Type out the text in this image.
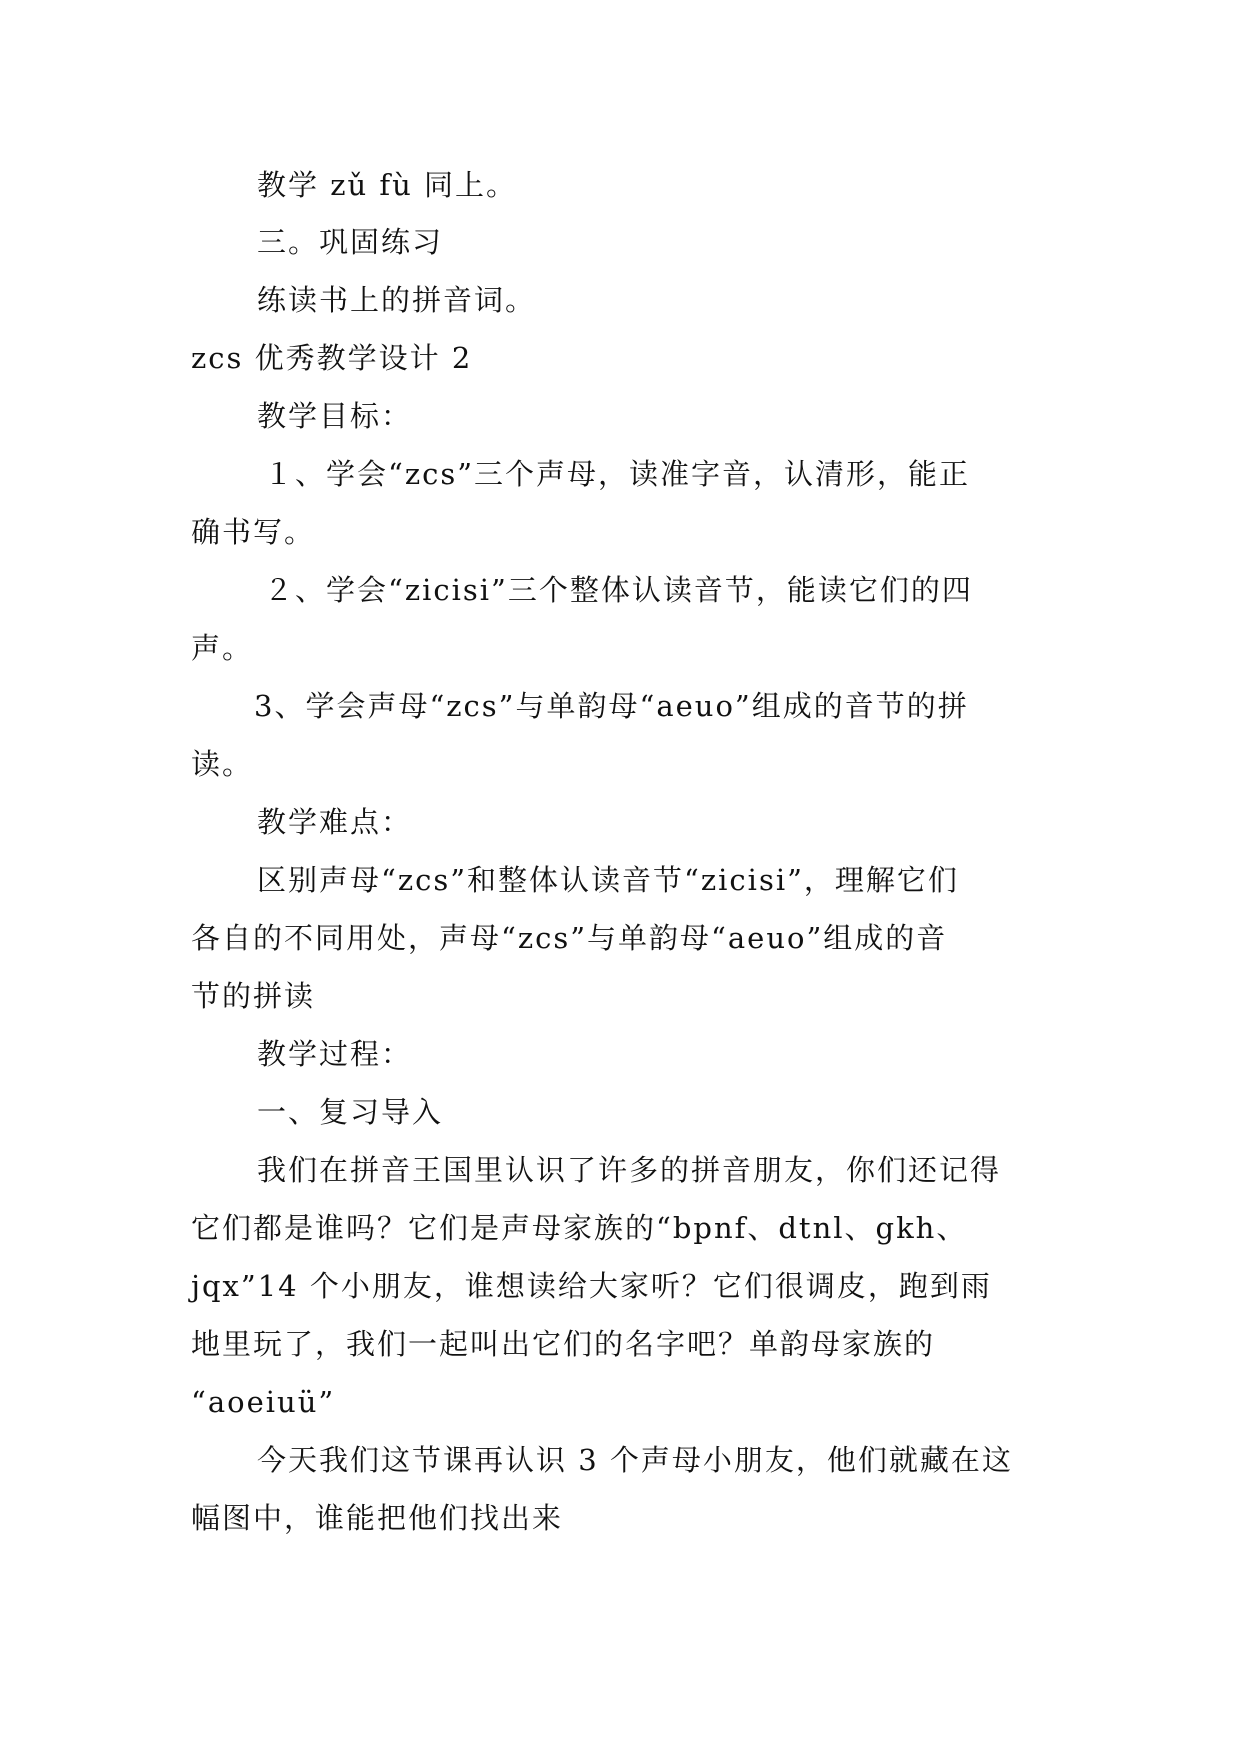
教学 zǔ fù 同上。
三。巩固练习
练读书上的拼音词。
zcs 优秀教学设计 2
教学目标：
１、学会“zcs”三个声母，读准字音，认清形，能正
确书写。
２、学会“zicisi”三个整体认读音节，能读它们的四
声。
3、学会声母“zcs”与单韵母“aeuo”组成的音节的拼
读。
教学难点：
区别声母“zcs”和整体认读音节“zicisi”，理解它们
各自的不同用处，声母“zcs”与单韵母“aeuo”组成的音
节的拼读
教学过程：
一、复习导入
我们在拼音王国里认识了许多的拼音朋友，你们还记得
它们都是谁吗？它们是声母家族的“bpnf、dtnl、gkh、
jqx”14 个小朋友，谁想读给大家听？它们很调皮，跑到雨
地里玩了，我们一起叫出它们的名字吧？单韵母家族的
“aoeiuü”
今天我们这节课再认识 3 个声母小朋友，他们就藏在这
幅图中，谁能把他们找出来
